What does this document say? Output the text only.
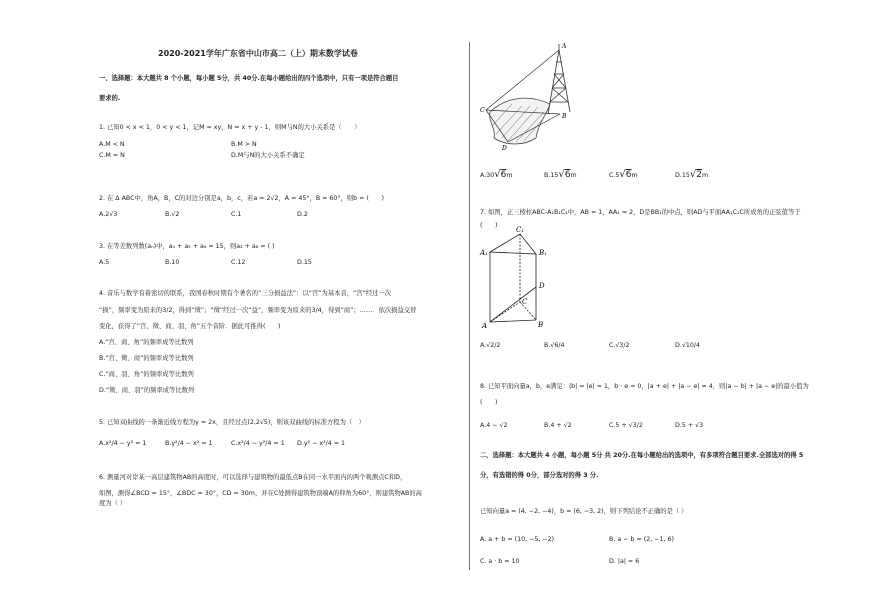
2020-2021学年广东省中山市高二（上）期末数学试卷
一、选择题：本大题共 8 个小题，每小题 5分，共 40分.在每小题给出的四个选项中，只有一项是符合题目
要求的.
1. 已知0 < x < 1，0 < y < 1，记M = xy，N = x + y - 1，则M与N的大小关系是（　　）
A.M < N	B.M > N
C.M = N	D.M与N的大小关系不确定
2. 在 Δ ABC中，角A，B，C的对边分别是a，b，c，若a = 2√2，A = 45°，B = 60°，则b = (　　)
A.2√3	B.√2	C.1	D.2
3. 在等差数列数(aₙ)中，a₄ + a₅ + a₆ = 15，则a₂ + a₈ = ( )
A.5	B.10	C.12	D.15
4. 音乐与数学有着密切的联系，我国春秋时期有个著名的“三分损益法”：以“宫”为基本音，“宫”经过一次
“损”，频率变为原来的3/2，得到“徵”；“徵”经过一次“益”，频率变为原来的3/4，得到“商”；……．依次损益交替
变化，获得了“宫、徵、商、羽、角”五个音阶．据此可推得(　　)
A.“宫、商、角”的频率成等比数列
B.“宫、徵、商”的频率成等比数列
C.“商、羽、角”的频率成等比数列
D.“徵、商、羽”的频率成等比数列
5. 已知双曲线的一条渐近线方程为y = 2x，且经过点(2,2√5)，则该双曲线的标准方程为（　）
A.x²/4 − y² = 1	B.y²/4 − x² = 1	C.x²/4 − y²/4 = 1 D.y² − x²/4 = 1
6. 测量河对岸某一高层建筑物AB的高度时，可以选择与建筑物的最低点B在同一水平面内的两个观测点C和D，
如图，测得∠BCD = 15°，∠BDC = 30°，CD = 30m，并在C处测得建筑物顶端A的仰角为60°，则建筑物AB的高
度为（ ）
C
B
D
A
A.30√6m	B.15√6m	C.5√6m	D.15√2m
7. 如图，正三棱柱ABC-A₁B₁C₁中，AB = 1，AA₁ = 2，D是BB₁的中点，则AD与平面AA₁C₁C所成角的正弦值等于
(　　)
A₁
C₁
B₁
D
C
A	B
A.√2/2	B.√6/4	C.√3/2	D.√10/4
8. 已知平面向量a，b，e满足：|b| = |e| = 1，b · e = 0，|a + e| + |a − e| = 4，则|a − b| + |a − e|的最小值为
(　　)
A.4 − √2	B.4 + √2	C.5 + √3/2	D.5 + √3
二、选择题：本大题共 4 小题，每小题 5分 共 20分.在每小题给出的选项中，有多项符合题目要求.全部选对的得 5
分，有选错的得 0分，部分选对的得 3 分.
已知向量a = (4, −2, −4)，b = (6, −3, 2)，则下列结论不正确的是（ ）
A. a + b = (10, −5, −2)	B. a − b = (2, −1, 6)
C. a · b = 10	D. |a| = 6
